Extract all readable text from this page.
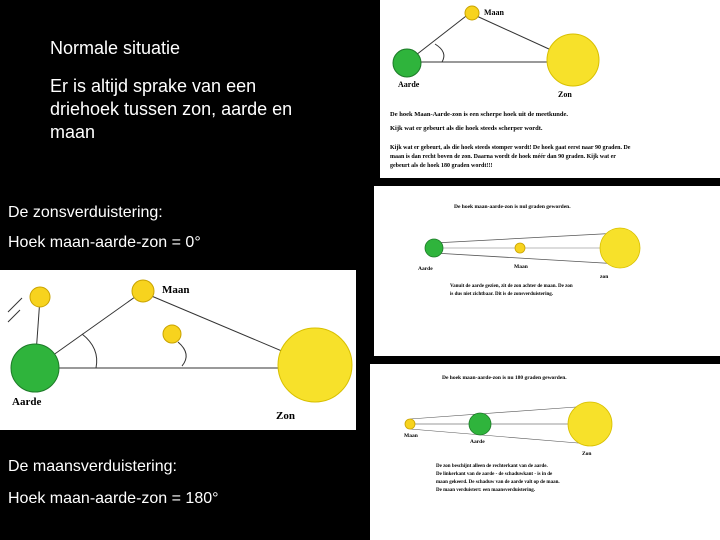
Normale situatie
Er is altijd sprake van een
driehoek tussen zon, aarde en
maan
De zonsverduistering:
Hoek maan-aarde-zon = 0°
De maansverduistering:
Hoek maan-aarde-zon = 180°
Maan
Aarde
Zon
De hoek Maan-Aarde-zon is een scherpe hoek uit de meetkunde.
Kijk wat er gebeurt als die hoek steeds scherper wordt.
Kijk wat er gebeurt, als die hoek steeds stomper wordt! De hoek gaat eerst naar 90 graden. De
maan is dan recht boven de zon. Daarna wordt de hoek méér dan 90 graden. Kijk wat er
gebeurt als de hoek 180 graden wordt!!!
De hoek maan-aarde-zon is nul graden geworden.
Aarde	Maan
zon
Vanuit de aarde gezien, zit de zon achter de maan. De zon
is dus niet zichtbaar. Dit is de zonsverduistering.
Maan
Aarde
Zon
De hoek maan-aarde-zon is nu 180 graden geworden.
Maan
Aarde
Zon
De zon beschijnt alleen de rechterkant van de aarde.
De linkerkant van de aarde - de schaduwkant - is in de
maan gekeerd. De schaduw van de aarde valt op de maan.
De maan verduistert: een maansverduistering.
